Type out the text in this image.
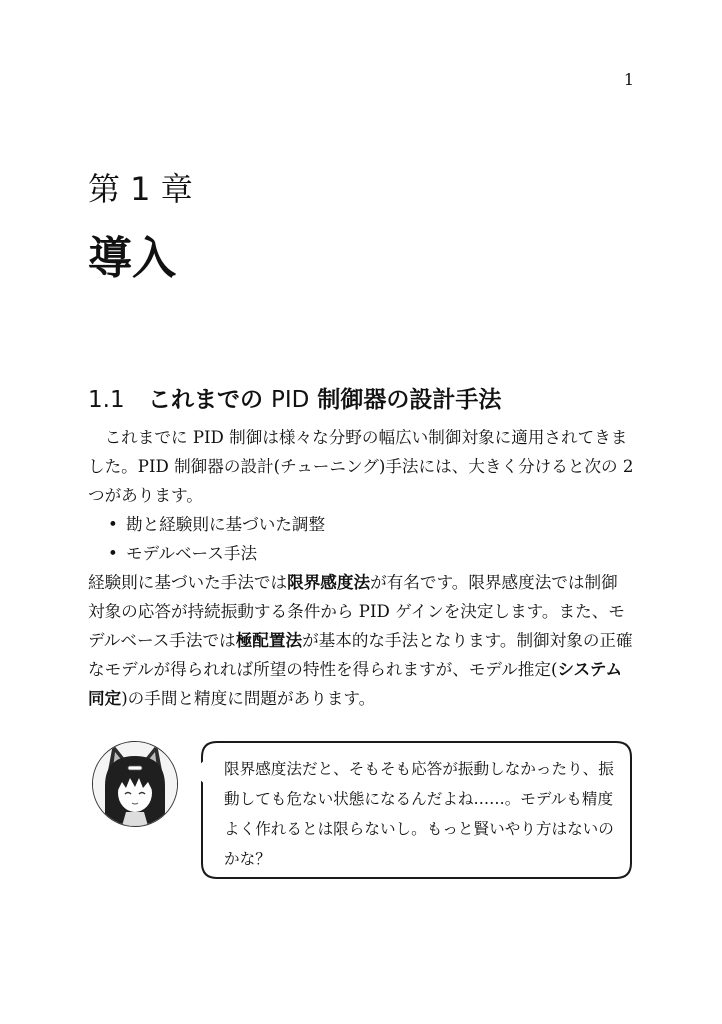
1
第 1 章
導入
1.1 これまでの PID 制御器の設計手法

これまでに PID 制御は様々な分野の幅広い制御対象に適用されてきました。PID 制御器の設計(チューニング)手法には、大きく分けると次の 2 つがあります。

• 勘と経験則に基づいた調整
• モデルベース手法

経験則に基づいた手法では限界感度法が有名です。限界感度法では制御対象の応答が持続振動する条件から PID ゲインを決定します。また、モデルベース手法では極配置法が基本的な手法となります。制御対象の正確なモデルが得られれば所望の特性を得られますが、モデル推定(システム同定)の手間と精度に問題があります。

限界感度法だと、そもそも応答が振動しなかったり、振動しても危ない状態になるんだよね……。モデルも精度よく作れるとは限らないし。もっと賢いやり方はないのかな？
